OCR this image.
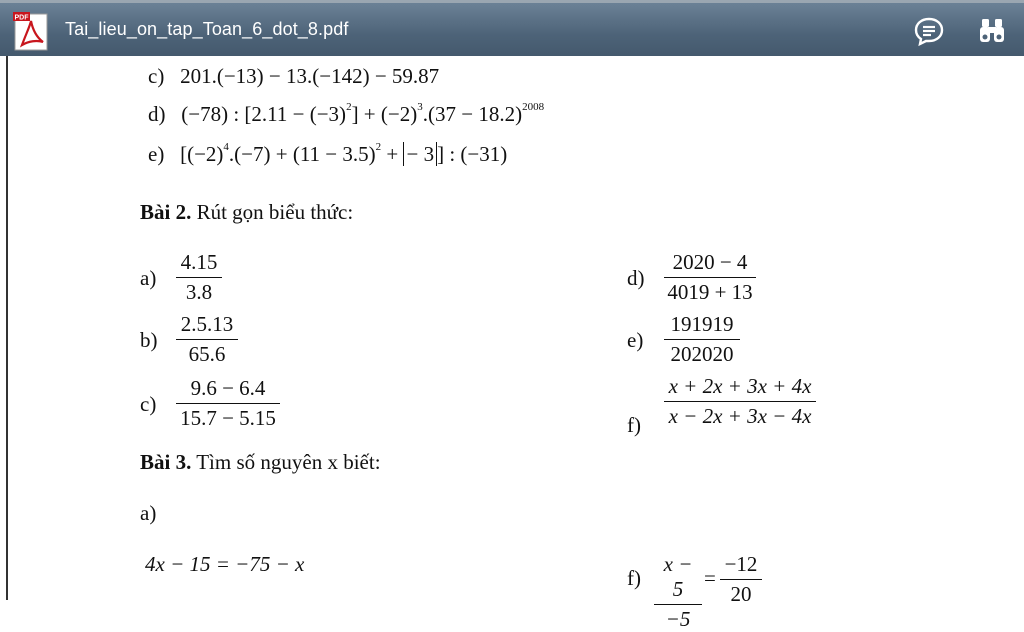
PDF
Tai_lieu_on_tap_Toan_6_dot_8.pdf
c) 201.(−13) − 13.(−142) − 59.87
d) (−78) : $[2.11 - (-3)^2] + (-2)^3.(37 - 18.2)^{2008}$
e) [$(-2)^4.(-7) + (11 - 3.5)^2$ + − 3 ] : (−31)
Bài 2. Rút gọn biểu thức:
a)
4.15
3.8
b)
2.5.13
65.6
c)
9.6 − 6.4
15.7 − 5.15
d)
2020 − 4
4019 + 13
e)
191919
202020
f)
x + 2x + 3x + 4x
x − 2x + 3x − 4x
Bài 3. Tìm số nguyên x biết:
a)
4x − 15 = −75 − x
f)
x − 5
−5
=
−12
20
